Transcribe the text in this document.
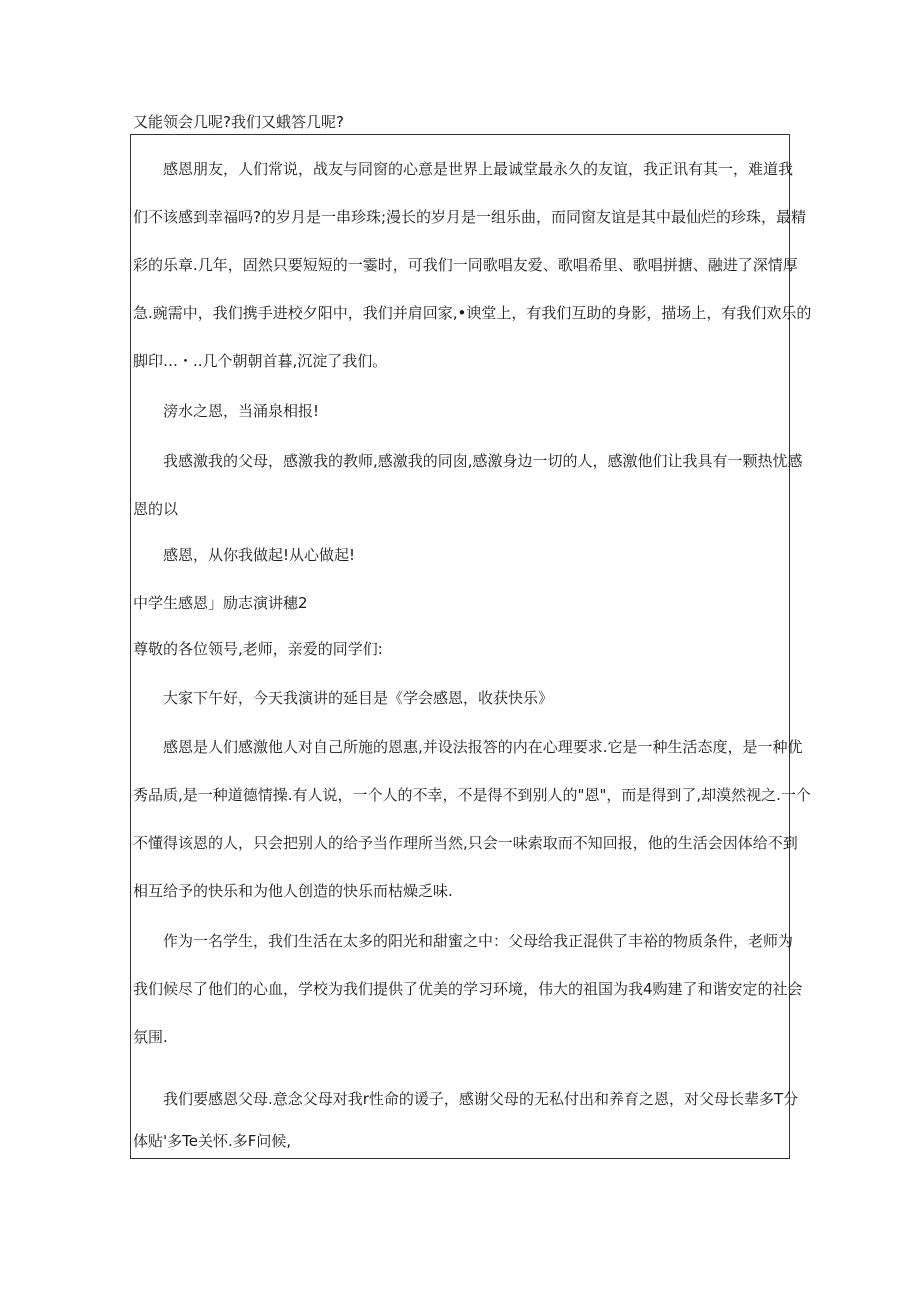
又能领会几呢?我们又蛾答几呢?
感恩朋友，人们常说，战友与同窗的心意是世界上最诚堂最永久的友谊，我正讯有其一，难道我
们不该感到幸福吗?的岁月是一串珍珠;漫长的岁月是一组乐曲，而同窗友谊是其中最仙烂的珍珠，最精
彩的乐章.几年，固然只要短短的一霎时，可我们一同歌唱友爱、歌唱希里、歌唱拼搪、融进了深情厚
急.豌需中，我们携手进校夕阳中，我们并肩回家,•谀堂上，有我们互助的身影，描场上，有我们欢乐的
脚印…・..几个朝朝首暮,沉淀了我们。
滂水之恩，当涌泉相报!
我感激我的父母，感激我的教师,感激我的同囱,感激身边一切的人，感激他们让我具有一颗热忧感
恩的以
感恩，从你我做起!从心做起!
中学生感恩」励志演讲穗2
尊敬的各位领号,老师，亲爱的同学们:
大家下午好，今天我演讲的延目是《学会感恩，收获快乐》
感恩是人们感激他人对自己所施的恩惠,并设法报答的内在心理要求.它是一种生活态度，是一种优
秀品质,是一种道德情操.有人说，一个人的不幸，不是得不到别人的"恩"，而是得到了,却漠然视之.一个
不懂得该恩的人，只会把别人的给予当作理所当然,只会一味索取而不知回报，他的生活会因体给不到
相互给予的快乐和为他人创造的快乐而枯燥乏味.
作为一名学生，我们生活在太多的阳光和甜蜜之中：父母给我正混供了丰裕的物质条件，老师为
我们候尽了他们的心血，学校为我们提供了优美的学习环境，伟大的祖国为我4购建了和谐安定的社会
氛围.
我们要感恩父母.意念父母对我r性命的谖子，感谢父母的无私付出和养育之恩，对父母长辈多T分
体贴'多Te关怀.多F问候,
